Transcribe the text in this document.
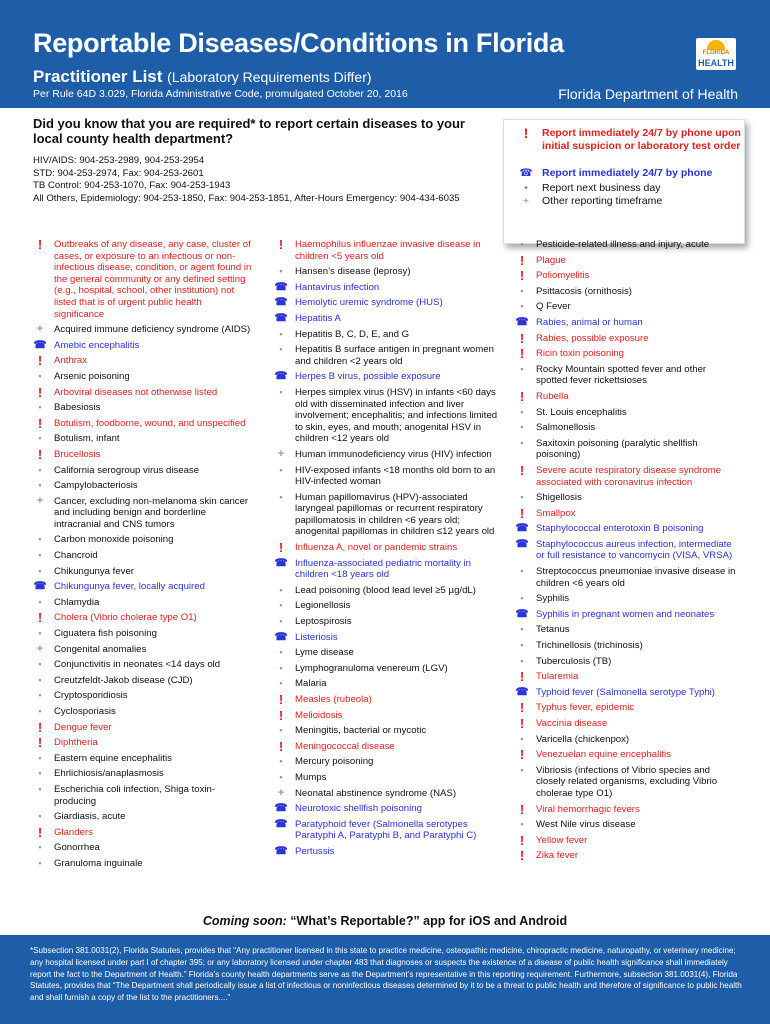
Reportable Diseases/Conditions in Florida
Practitioner List (Laboratory Requirements Differ)
Per Rule 64D 3.029, Florida Administrative Code, promulgated October 20, 2016	Florida Department of Health
FLORIDA
HEALTH
Did you know that you are required* to report certain diseases to your local county health department?
HIV/AIDS: 904-253-2989, 904-253-2954
STD: 904-253-2974, Fax: 904-253-2601
TB Control: 904-253-1070, Fax: 904-253-1943
All Others, Epidemiology: 904-253-1850, Fax: 904-253-1851, After-Hours Emergency: 904-434-6035
!	Report immediately 24/7 by phone upon initial suspicion or laboratory test order
☎ Report immediately 24/7 by phone
•	Report next business day
+	Other reporting timeframe
!	Outbreaks of any disease, any case, cluster of cases, or exposure to an infectious or non-infectious disease, condition, or agent found in the general community or any defined setting (e.g., hospital, school, other institution) not listed that is of urgent public health significance
+	Acquired immune deficiency syndrome (AIDS)
☎ Amebic encephalitis
!	Anthrax
•	Arsenic poisoning
!	Arboviral diseases not otherwise listed
•	Babesiosis
!	Botulism, foodborne, wound, and unspecified
•	Botulism, infant
!	Brucellosis
•	California serogroup virus disease
•	Campylobacteriosis
+	Cancer, excluding non-melanoma skin cancer and including benign and borderline intracranial and CNS tumors
•	Carbon monoxide poisoning
•	Chancroid
•	Chikungunya fever
☎ Chikungunya fever, locally acquired
•	Chlamydia
!	Cholera (Vibrio cholerae type O1)
•	Ciguatera fish poisoning
+	Congenital anomalies
•	Conjunctivitis in neonates <14 days old
•	Creutzfeldt-Jakob disease (CJD)
•	Cryptosporidiosis
•	Cyclosporiasis
!	Dengue fever
!	Diphtheria
•	Eastern equine encephalitis
•	Ehrlichiosis/anaplasmosis
•	Escherichia coli infection, Shiga toxin-producing
•	Giardiasis, acute
!	Glanders
•	Gonorrhea
•	Granuloma inguinale
!	Haemophilus influenzae invasive disease in children <5 years old
•	Hansen’s disease (leprosy)
☎ Hantavirus infection
☎ Hemolytic uremic syndrome (HUS)
☎ Hepatitis A
•	Hepatitis B, C, D, E, and G
•	Hepatitis B surface antigen in pregnant women and children <2 years old
☎ Herpes B virus, possible exposure
•	Herpes simplex virus (HSV) in infants <60 days old with disseminated infection and liver involvement; encephalitis; and infections limited to skin, eyes, and mouth; anogenital HSV in children <12 years old
+	Human immunodeficiency virus (HIV) infection
•	HIV-exposed infants <18 months old born to an HIV-infected woman
•	Human papillomavirus (HPV)-associated laryngeal papillomas or recurrent respiratory papillomatosis in children <6 years old; anogenital papillomas in children ≤12 years old
!	Influenza A, novel or pandemic strains
☎ Influenza-associated pediatric mortality in children <18 years old
•	Lead poisoning (blood lead level ≥5 µg/dL)
•	Legionellosis
•	Leptospirosis
☎ Listeriosis
•	Lyme disease
•	Lymphogranuloma venereum (LGV)
•	Malaria
!	Measles (rubeola)
!	Melioidosis
•	Meningitis, bacterial or mycotic
!	Meningococcal disease
•	Mercury poisoning
•	Mumps
+	Neonatal abstinence syndrome (NAS)
☎ Neurotoxic shellfish poisoning
☎ Paratyphoid fever (Salmonella serotypes Paratyphi A, Paratyphi B, and Paratyphi C)
☎ Pertussis
•	Pesticide-related illness and injury, acute
!	Plague
!	Poliomyelitis
•	Psittacosis (ornithosis)
•	Q Fever
☎ Rabies, animal or human
!	Rabies, possible exposure
!	Ricin toxin poisoning
•	Rocky Mountain spotted fever and other spotted fever rickettsioses
!	Rubella
•	St. Louis encephalitis
•	Salmonellosis
•	Saxitoxin poisoning (paralytic shellfish poisoning)
!	Severe acute respiratory disease syndrome associated with coronavirus infection
•	Shigellosis
!	Smallpox
☎ Staphylococcal enterotoxin B poisoning
☎ Staphylococcus aureus infection, intermediate or full resistance to vancomycin (VISA, VRSA)
•	Streptococcus pneumoniae invasive disease in children <6 years old
•	Syphilis
☎ Syphilis in pregnant women and neonates
•	Tetanus
•	Trichinellosis (trichinosis)
•	Tuberculosis (TB)
!	Tularemia
☎ Typhoid fever (Salmonella serotype Typhi)
!	Typhus fever, epidemic
!	Vaccinia disease
•	Varicella (chickenpox)
!	Venezuelan equine encephalitis
•	Vibriosis (infections of Vibrio species and closely related organisms, excluding Vibrio cholerae type O1)
!	Viral hemorrhagic fevers
•	West Nile virus disease
!	Yellow fever
!	Zika fever
Coming soon: “What’s Reportable?” app for iOS and Android

*Subsection 381.0031(2), Florida Statutes, provides that “Any practitioner licensed in this state to practice medicine, osteopathic medicine, chiropractic medicine, naturopathy, or veterinary medicine; any hospital licensed under part I of chapter 395; or any laboratory licensed under chapter 483 that diagnoses or suspects the existence of a disease of public health significance shall immediately report the fact to the Department of Health.” Florida’s county health departments serve as the Department’s representative in this reporting requirement. Furthermore, subsection 381.0031(4), Florida Statutes, provides that “The Department shall periodically issue a list of infectious or noninfectious diseases determined by it to be a threat to public health and therefore of significance to public health and shall furnish a copy of the list to the practitioners....”
